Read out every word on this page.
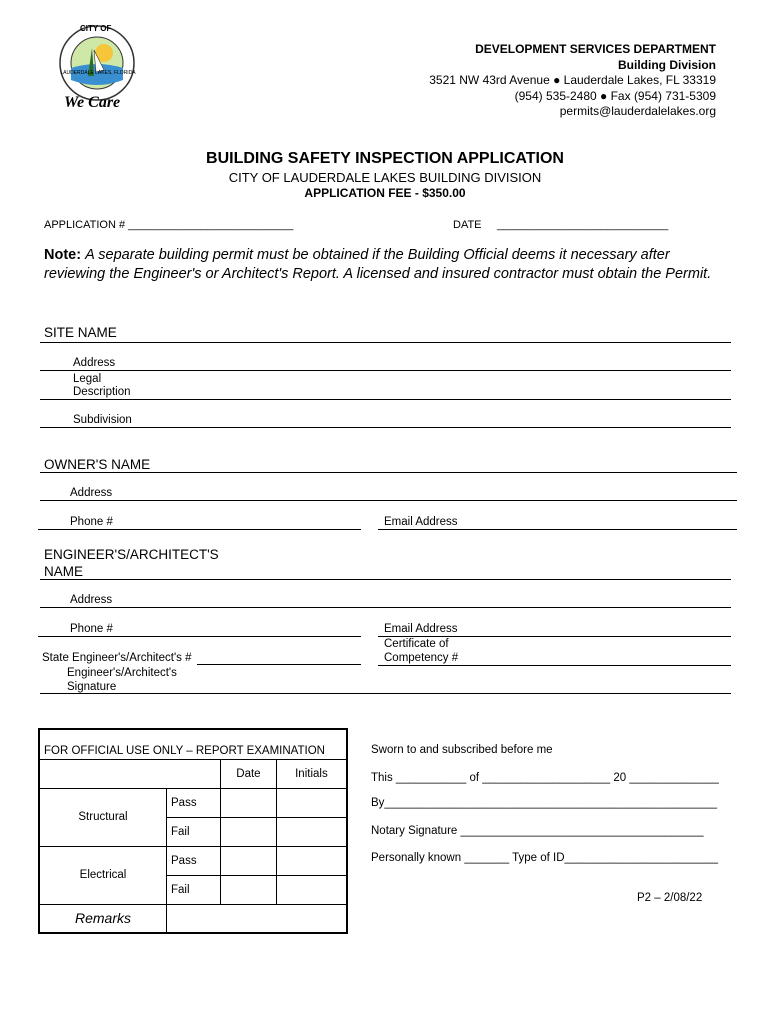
CITY OF
LAUDERDALE LAKES, FLORIDA
We Care
DEVELOPMENT SERVICES DEPARTMENT
Building Division
3521 NW 43rd Avenue ● Lauderdale Lakes, FL 33319
(954) 535-2480 ● Fax (954) 731-5309
permits@lauderdalelakes.org
BUILDING SAFETY INSPECTION APPLICATION
CITY OF LAUDERDALE LAKES BUILDING DIVISION
APPLICATION FEE - $350.00
APPLICATION # ___________________________	DATE ____________________________
Note: A separate building permit must be obtained if the Building Official deems it necessary after reviewing the Engineer's or Architect's Report. A licensed and insured contractor must obtain the Permit.
SITE NAME
Address
Legal
Description
Subdivision
OWNER'S NAME
Address
Phone #	Email Address
ENGINEER'S/ARCHITECT'S
NAME
Address
Phone #	Email Address
State Engineer's/Architect's #
Certificate of
Competency #
Engineer's/Architect's
Signature
FOR OFFICIAL USE ONLY – REPORT EXAMINATION			
		Date	Initials
Structural	Pass		
	Fail		
Electrical	Pass		
	Fail		
Remarks			
Sworn to and subscribed before me
This ___________ of ____________________ 20 ______________
By____________________________________________________
Notary Signature ______________________________________
Personally known _______ Type of ID________________________
P2 – 2/08/22
